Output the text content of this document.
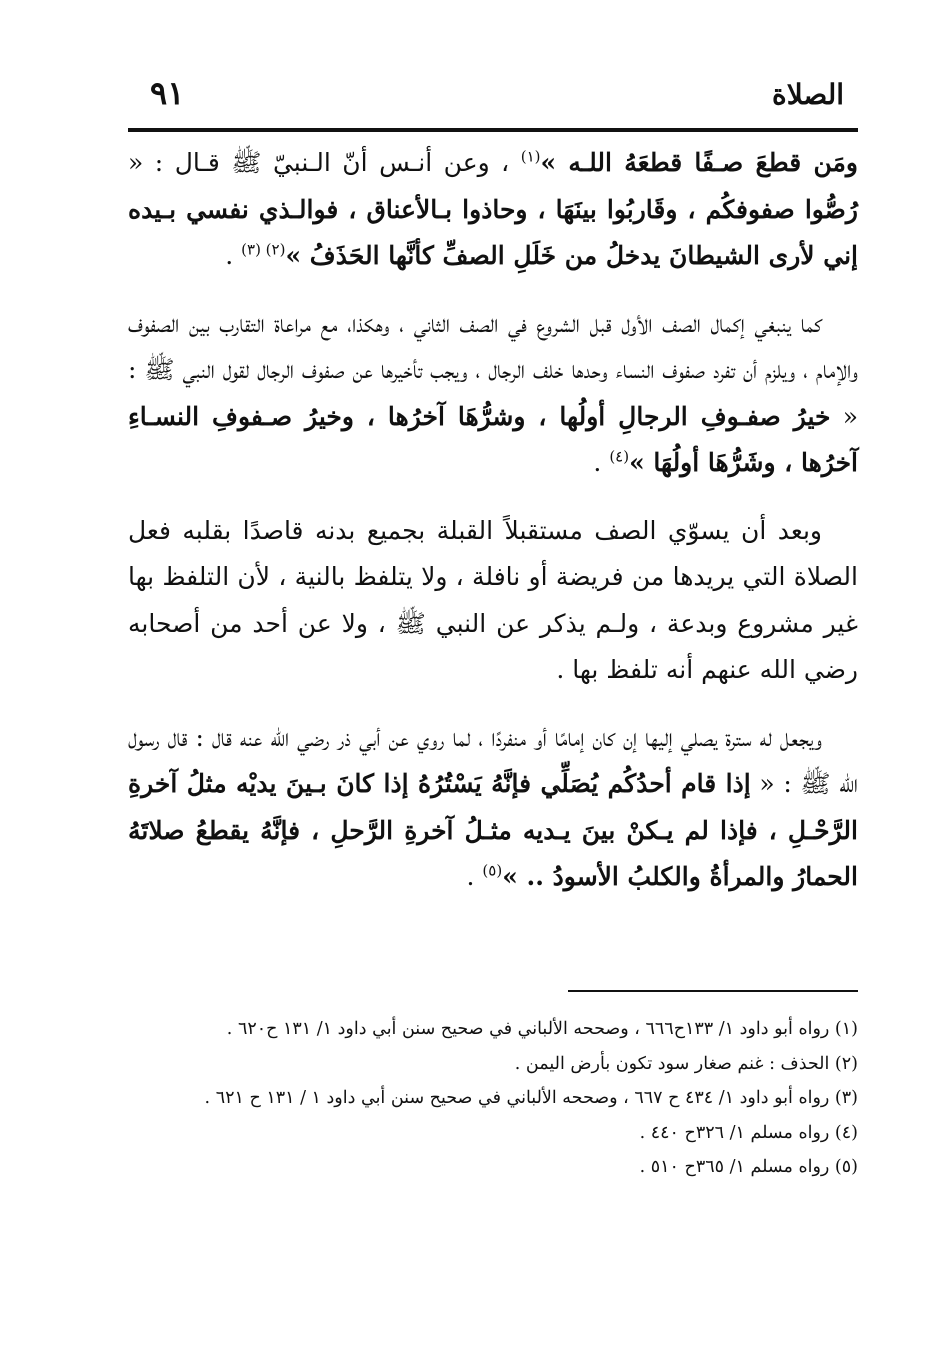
الصلاة
٩١

ومَن قطعَ صـفًا قطعَهُ اللـه »$^{(١)}$ ، وعن أنـس أنّ الـنبيّ ﷺ قـال : « رُصُّوا صفوفكُم ، وقَاربُوا بينَهَا ، وحاذوا بـالأعناق ، فوالـذي نفسي بـيده إني لأرى الشيطانَ يدخلُ من خَلَلِ الصفِّ كأنَّها الحَذَفُ »$^{(٢) (٣)}$ .

كما ينبغي إكمال الصف الأول قبل الشروع في الصف الثاني ، وهكذا، مع مراعاة التقارب بين الصفوف والإمام ، ويلزم أن تفرد صفوف النساء وحدها خلف الرجال ، ويجب تأخيرها عن صفوف الرجال لقول النبي ﷺ : « خيرُ صفـوفِ الرجالِ أولُها ، وشرُّهَا آخرُها ، وخيرُ صـفوفِ النسـاءِ آخرُها ، وشَرُّهَا أولُهَا »$^{(٤)}$ .

وبعد أن يسوّي الصف مستقبلاً القبلة بجميع بدنه قاصدًا بقلبه فعل الصلاة التي يريدها من فريضة أو نافلة ، ولا يتلفظ بالنية ، لأن التلفظ بها غير مشروع وبدعة ، ولـم يذكر عن النبي ﷺ ، ولا عن أحد من أصحابه رضي الله عنهم أنه تلفظ بها .

ويجعل له سترة يصلي إليها إن كان إمامًا أو منفردًا ، لما روي عن أبي ذر رضي الله عنه قال : قال رسول الله ﷺ : « إذا قام أحدُكُم يُصَلِّي فإنَّهُ يَسْتُرُهُ إذا كانَ بـينَ يديْه مثلُ آخرةِ الرَّحْـلِ ، فإذا لم يـكنْ بينَ يـديه مثـلُ آخرةِ الرَّحلِ ، فإنَّهُ يقطعُ صلاتَهُ الحمارُ والمرأةُ والكلبُ الأسودُ .. »$^{(٥)}$ .

(١) رواه أبو داود ١/ ١٣٣ح٦٦٦ ، وصححه الألباني في صحيح سنن أبي داود ١/ ١٣١ ح٦٢٠ .

(٢) الحذف : غنم صغار سود تكون بأرض اليمن .

(٣) رواه أبو داود ١/ ٤٣٤ ح ٦٦٧ ، وصححه الألباني في صحيح سنن أبي داود ١ / ١٣١ ح ٦٢١ .

(٤) رواه مسلم ١/ ٣٢٦ح ٤٤٠ .

(٥) رواه مسلم ١/ ٣٦٥ح ٥١٠ .
